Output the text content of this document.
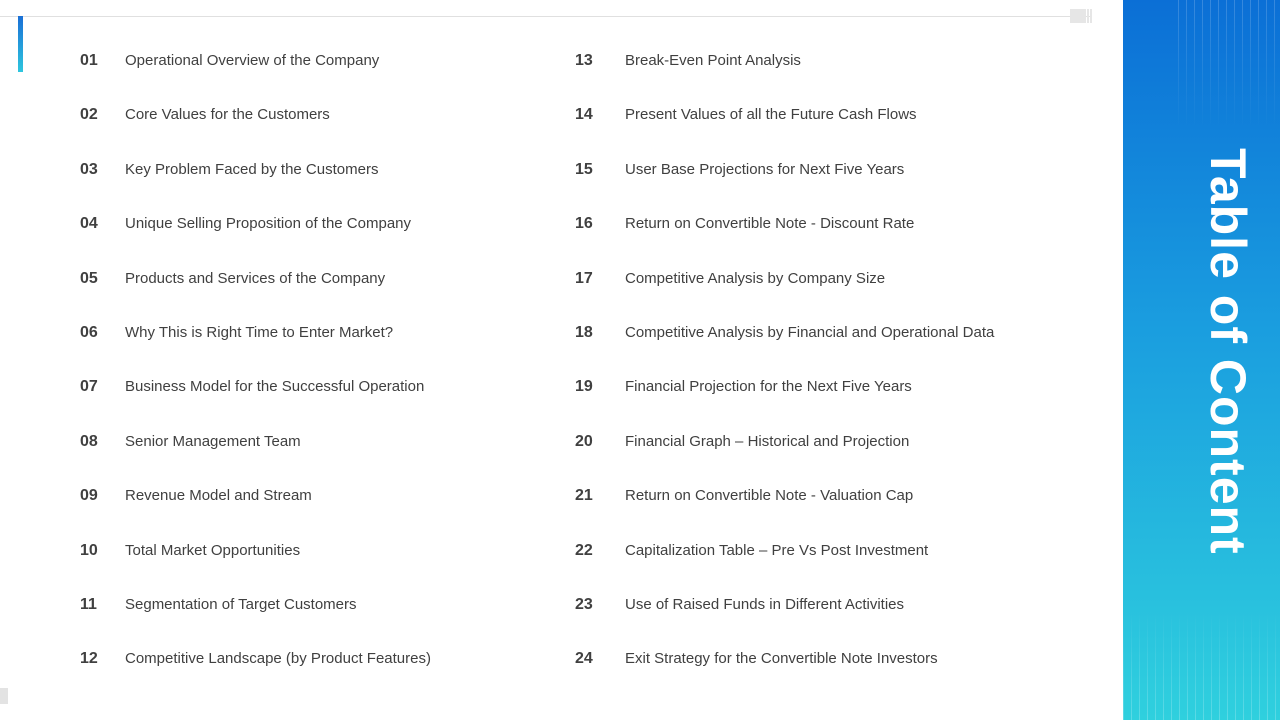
01 Operational Overview of the Company
02 Core Values for the Customers
03 Key Problem Faced by the Customers
04 Unique Selling Proposition of the Company
05 Products and Services of the Company
06 Why This is Right Time to Enter Market?
07 Business Model for the Successful Operation
08 Senior Management Team
09 Revenue Model and Stream
10 Total Market Opportunities
11 Segmentation of Target Customers
12 Competitive Landscape (by Product Features)
13 Break-Even Point Analysis
14 Present Values of all the Future Cash Flows
15 User Base Projections for Next Five Years
16 Return on Convertible Note - Discount Rate
17 Competitive Analysis by Company Size
18 Competitive Analysis by Financial and Operational Data
19 Financial Projection for the Next Five Years
20 Financial Graph – Historical and Projection
21 Return on Convertible Note - Valuation Cap
22 Capitalization Table – Pre Vs Post Investment
23 Use of Raised Funds in Different Activities
24 Exit Strategy for the Convertible Note Investors
Table of Content
